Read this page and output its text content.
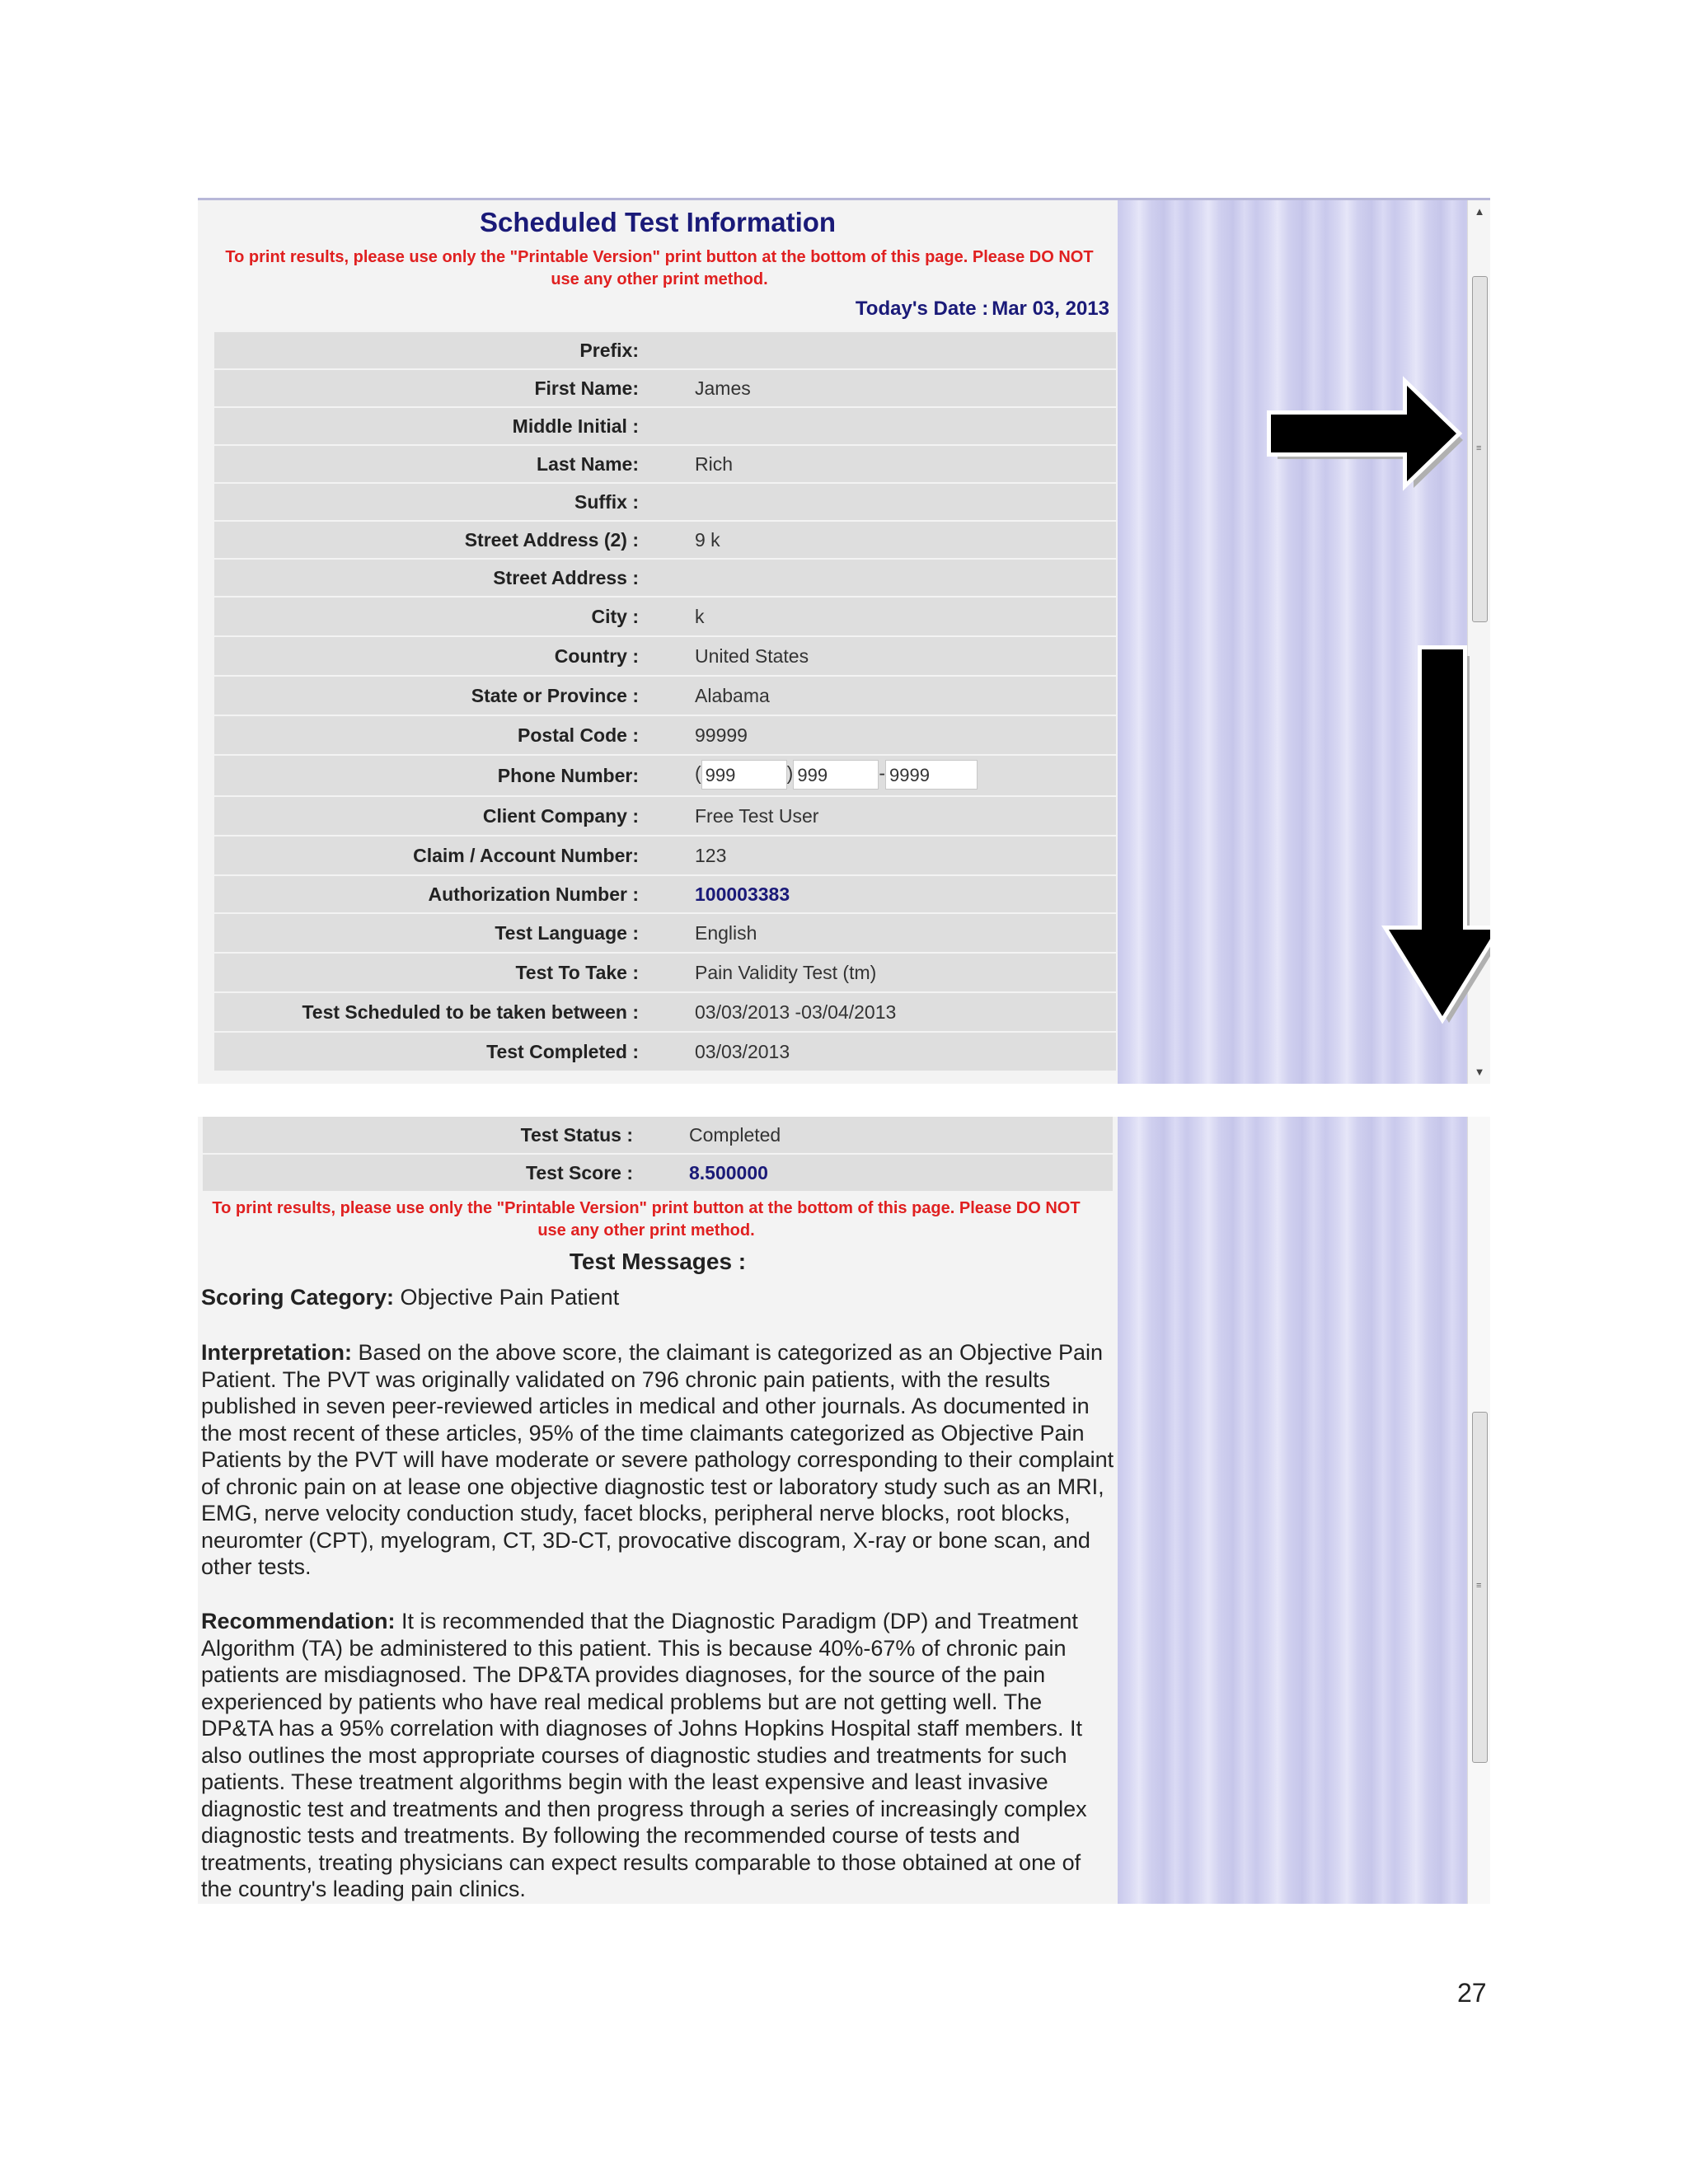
Scheduled Test Information
To print results, please use only the "Printable Version" print button at the bottom of this page. Please DO NOT use any other print method.
Today's Date : Mar 03, 2013
Prefix:
First Name:	James
Middle Initial :
Last Name:	Rich
Suffix :
Street Address (2) :	9 k
Street Address :
City :	k
Country :	United States
State or Province :	Alabama
Postal Code :	99999
Phone Number:	( 999	) 999	- 9999
Client Company :	Free Test User
Claim / Account Number:	123
Authorization Number :	100003383
Test Language :	English
Test To Take :	Pain Validity Test (tm)
Test Scheduled to be taken between :	03/03/2013 -03/04/2013
Test Completed :	03/03/2013
▲
≡
▼
Test Status :	Completed
Test Score :	8.500000
To print results, please use only the "Printable Version" print button at the bottom of this page. Please DO NOT use any other print method.
Test Messages :
Scoring Category: Objective Pain Patient
Interpretation: Based on the above score, the claimant is categorized as an Objective Pain Patient. The PVT was originally validated on 796 chronic pain patients, with the results published in seven peer-reviewed articles in medical and other journals. As documented in the most recent of these articles, 95% of the time claimants categorized as Objective Pain Patients by the PVT will have moderate or severe pathology corresponding to their complaint of chronic pain on at lease one objective diagnostic test or laboratory study such as an MRI, EMG, nerve velocity conduction study, facet blocks, peripheral nerve blocks, root blocks, neuromter (CPT), myelogram, CT, 3D-CT, provocative discogram, X-ray or bone scan, and other tests.
Recommendation: It is recommended that the Diagnostic Paradigm (DP) and Treatment Algorithm (TA) be administered to this patient. This is because 40%-67% of chronic pain patients are misdiagnosed. The DP&TA provides diagnoses, for the source of the pain experienced by patients who have real medical problems but are not getting well. The DP&TA has a 95% correlation with diagnoses of Johns Hopkins Hospital staff members. It also outlines the most appropriate courses of diagnostic studies and treatments for such patients. These treatment algorithms begin with the least expensive and least invasive diagnostic test and treatments and then progress through a series of increasingly complex diagnostic tests and treatments. By following the recommended course of tests and treatments, treating physicians can expect results comparable to those obtained at one of the country's leading pain clinics.
≡
27
